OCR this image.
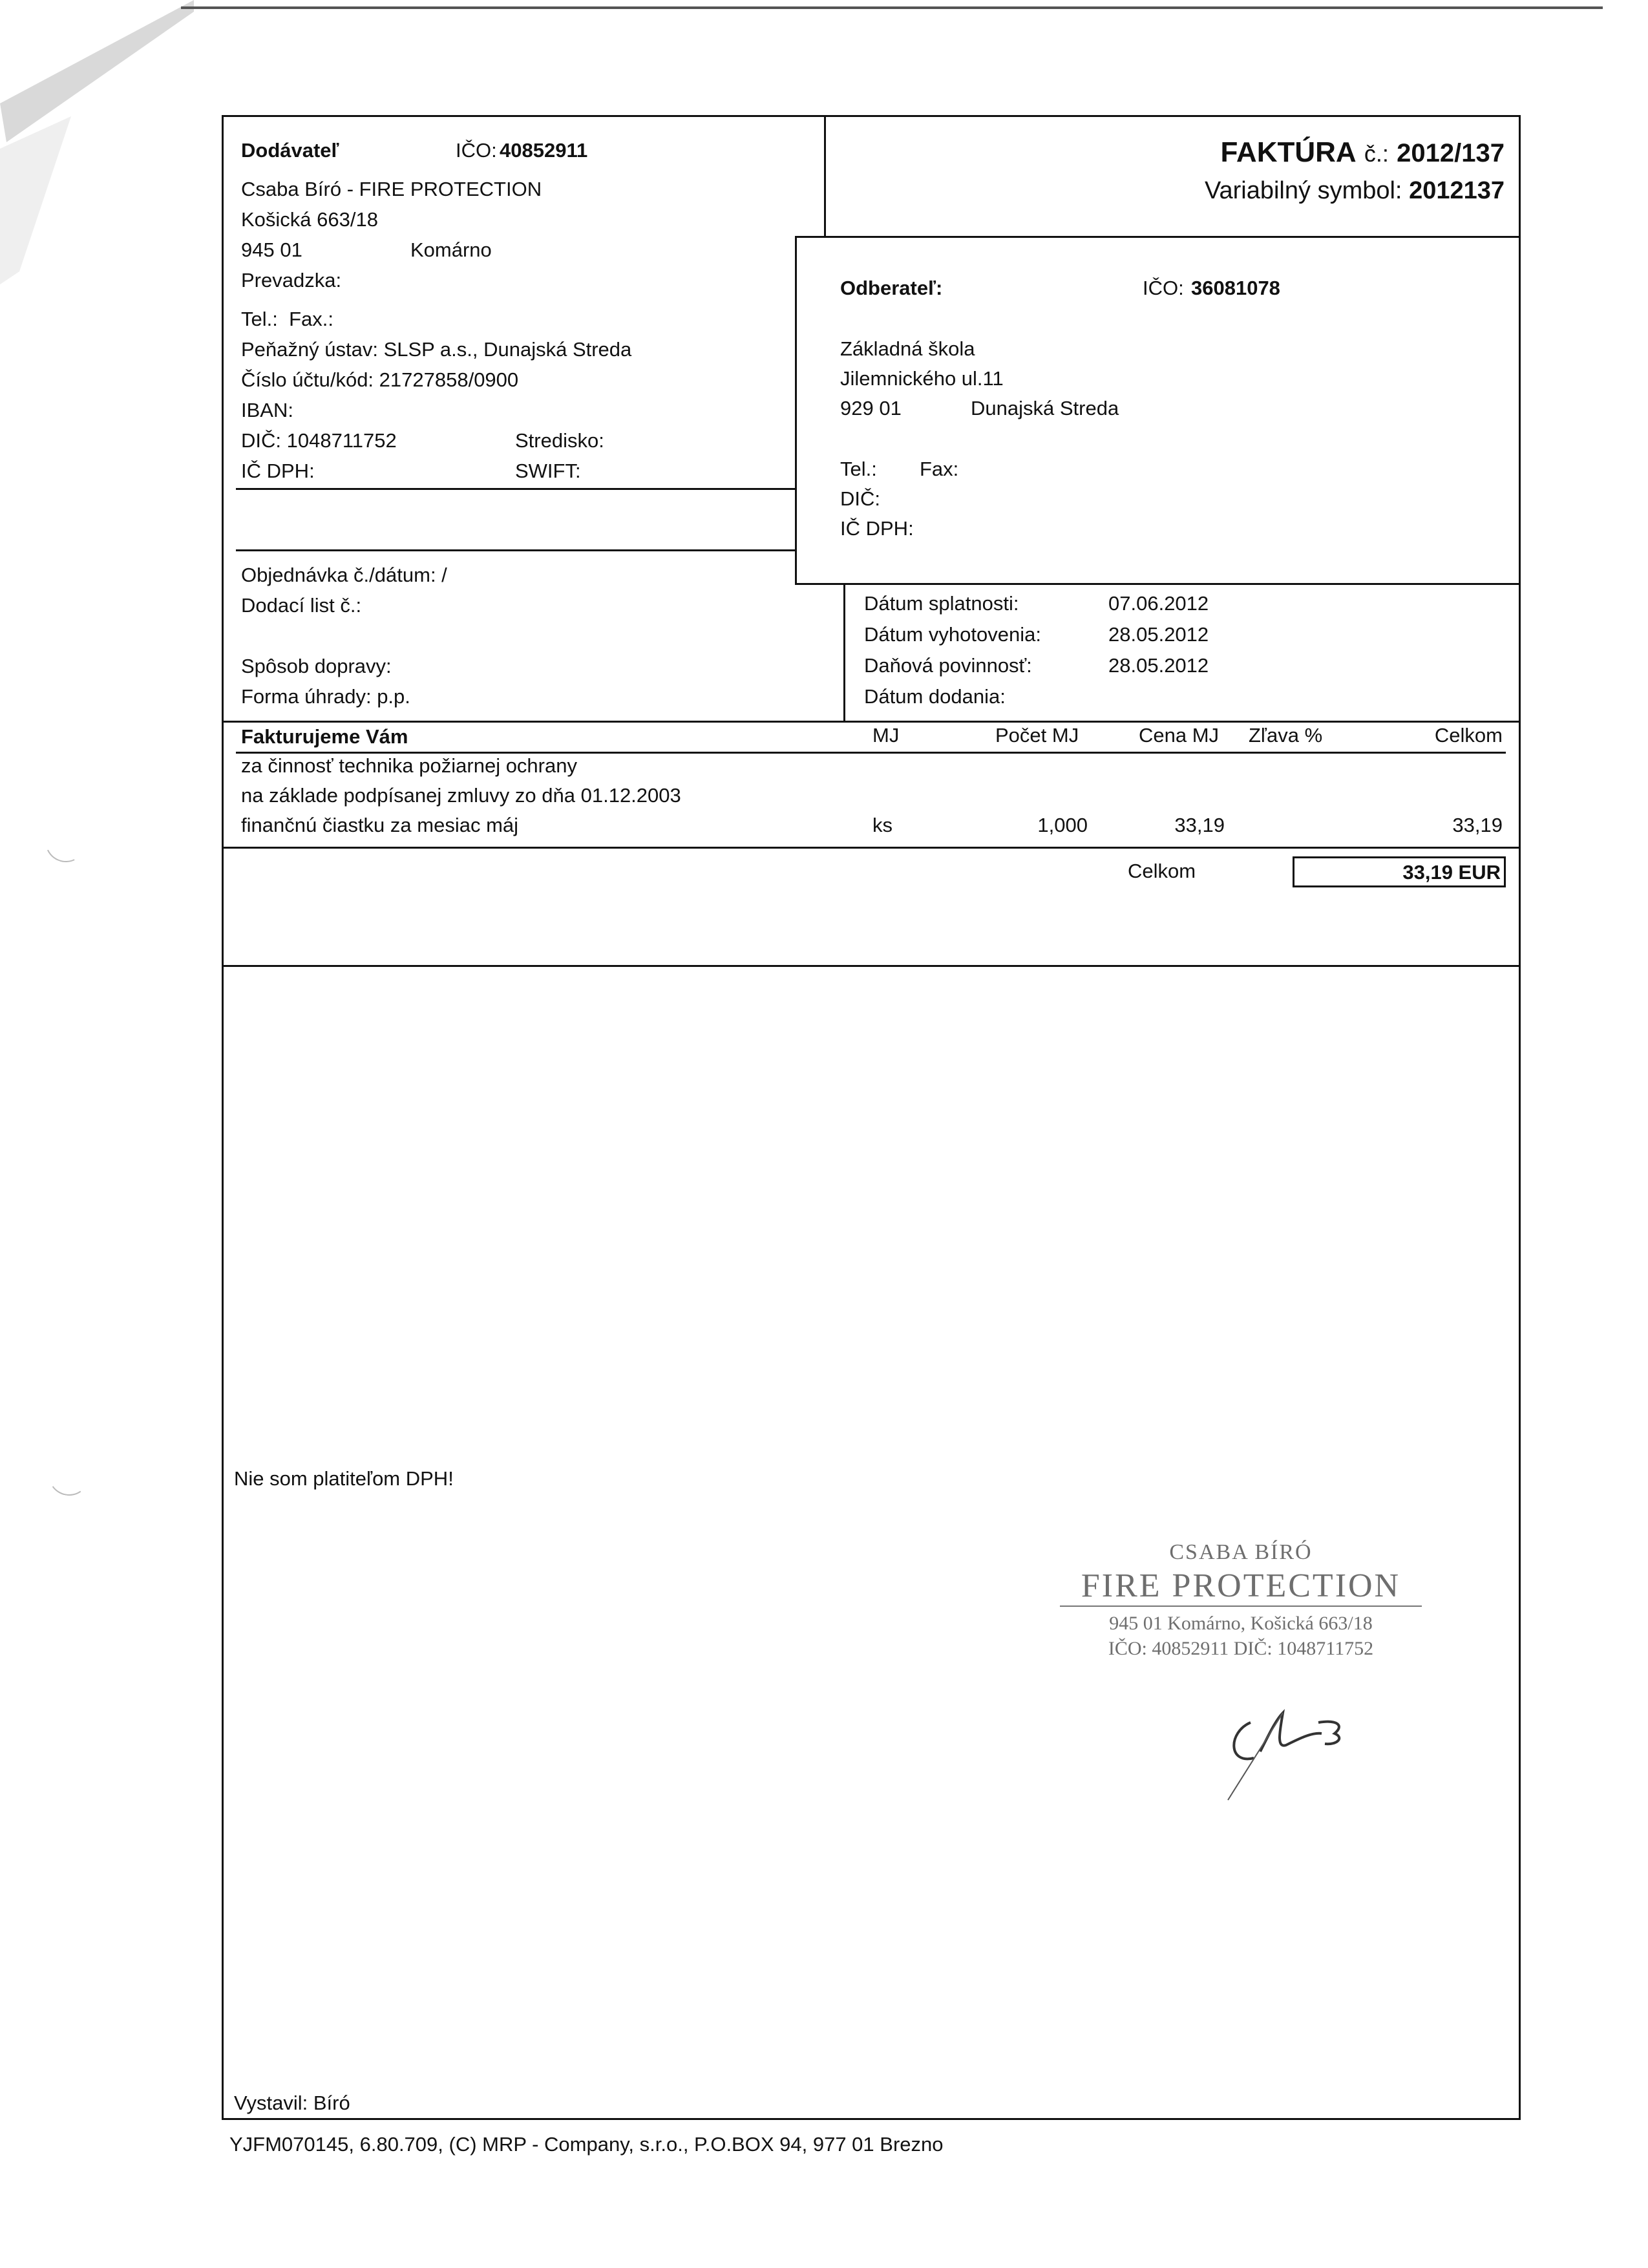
Dodávateľ	IČO: 40852911
Csaba Bíró - FIRE PROTECTION
Košická 663/18
945 01	Komárno
Prevadzka:
Tel.:  Fax.:
Peňažný ústav: SLSP a.s., Dunajská Streda
Číslo účtu/kód: 21727858/0900
IBAN:
DIČ: 1048711752	Stredisko:
IČ DPH:	SWIFT:
FAKTÚRA č.: 2012/137
Variabilný symbol: 2012137
Odberateľ:	IČO: 36081078
Základná škola
Jilemnického ul.11
929 01	Dunajská Streda
Tel.: Fax:
DIČ:
IČ DPH:
Objednávka č./dátum: /
Dodací list č.:
Spôsob dopravy:
Forma úhrady: p.p.
Dátum splatnosti:	07.06.2012
Dátum vyhotovenia:	28.05.2012
Daňová povinnosť:	28.05.2012
Dátum dodania:
Fakturujeme Vám	MJ	Počet MJ	Cena MJ Zľava %	Celkom
za činnosť technika požiarnej ochrany
na základe podpísanej zmluvy zo dňa 01.12.2003
finančnú čiastku za mesiac máj	ks	1,000	33,19	33,19
Celkom	33,19 EUR
Nie som platiteľom DPH!
Vystavil: Bíró
CSABA BÍRÓ
FIRE PROTECTION
945 01 Komárno, Košická 663/18
IČO: 40852911 DIČ: 1048711752
YJFM070145, 6.80.709, (C) MRP - Company, s.r.o., P.O.BOX 94, 977 01 Brezno
